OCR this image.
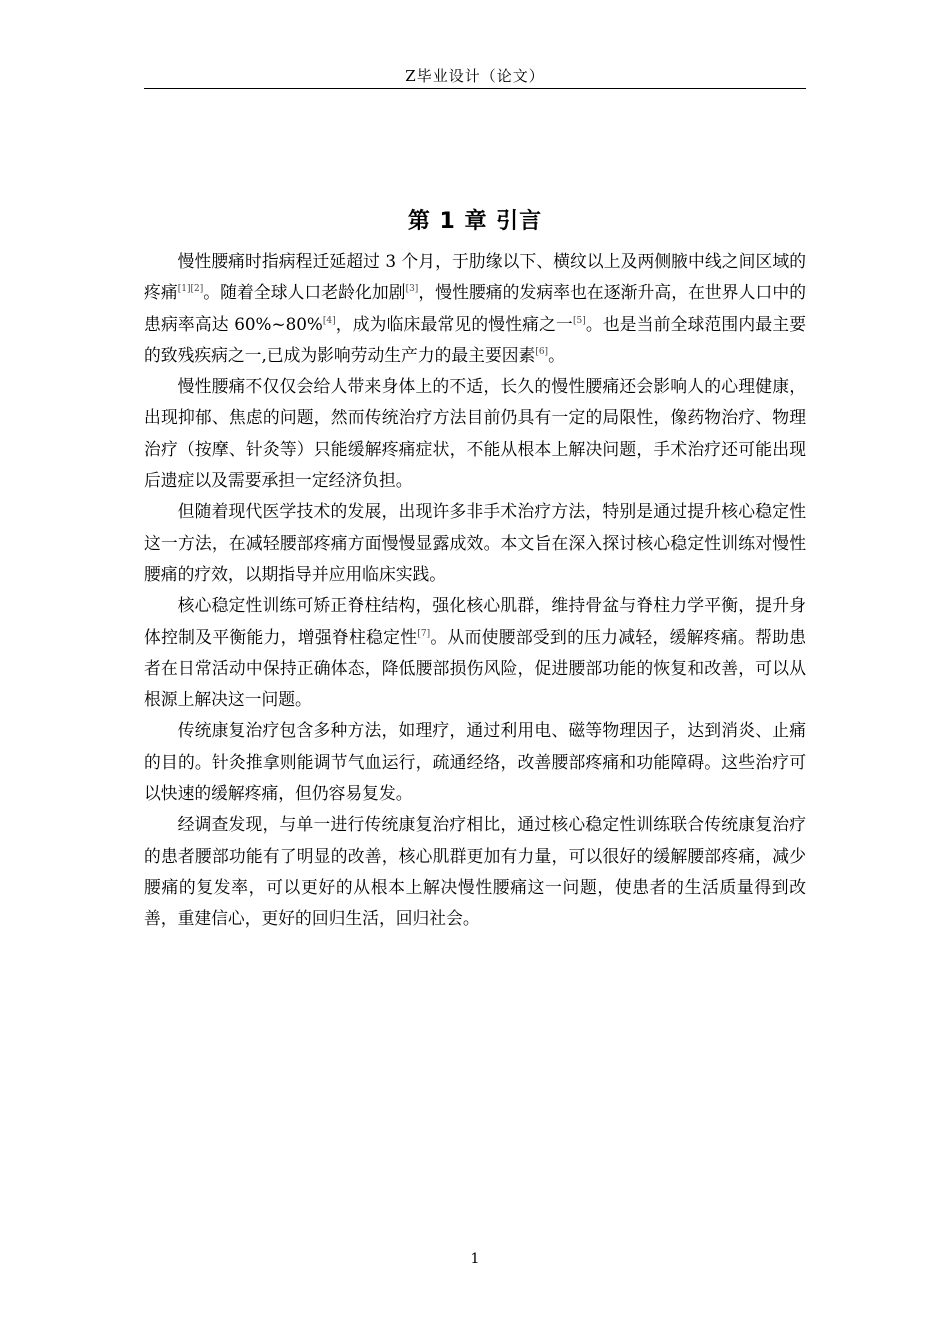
Z毕业设计（论文）
第 1 章 引言

慢性腰痛时指病程迁延超过 3 个月，于肋缘以下、横纹以上及两侧腋中线之间区域的疼痛[1][2]。随着全球人口老龄化加剧[3]，慢性腰痛的发病率也在逐渐升高，在世界人口中的患病率高达 60%~80%[4]，成为临床最常见的慢性痛之一[5]。也是当前全球范围内最主要的致残疾病之一,已成为影响劳动生产力的最主要因素[6]。

慢性腰痛不仅仅会给人带来身体上的不适，长久的慢性腰痛还会影响人的心理健康，出现抑郁、焦虑的问题，然而传统治疗方法目前仍具有一定的局限性，像药物治疗、物理治疗（按摩、针灸等）只能缓解疼痛症状，不能从根本上解决问题，手术治疗还可能出现后遗症以及需要承担一定经济负担。

但随着现代医学技术的发展，出现许多非手术治疗方法，特别是通过提升核心稳定性这一方法，在减轻腰部疼痛方面慢慢显露成效。本文旨在深入探讨核心稳定性训练对慢性腰痛的疗效，以期指导并应用临床实践。

核心稳定性训练可矫正脊柱结构，强化核心肌群，维持骨盆与脊柱力学平衡，提升身体控制及平衡能力，增强脊柱稳定性[7]。从而使腰部受到的压力减轻，缓解疼痛。帮助患者在日常活动中保持正确体态，降低腰部损伤风险，促进腰部功能的恢复和改善，可以从根源上解决这一问题。

传统康复治疗包含多种方法，如理疗，通过利用电、磁等物理因子，达到消炎、止痛的目的。针灸推拿则能调节气血运行，疏通经络，改善腰部疼痛和功能障碍。这些治疗可以快速的缓解疼痛，但仍容易复发。

经调查发现，与单一进行传统康复治疗相比，通过核心稳定性训练联合传统康复治疗的患者腰部功能有了明显的改善，核心肌群更加有力量，可以很好的缓解腰部疼痛，减少腰痛的复发率，可以更好的从根本上解决慢性腰痛这一问题，使患者的生活质量得到改善，重建信心，更好的回归生活，回归社会。

1
